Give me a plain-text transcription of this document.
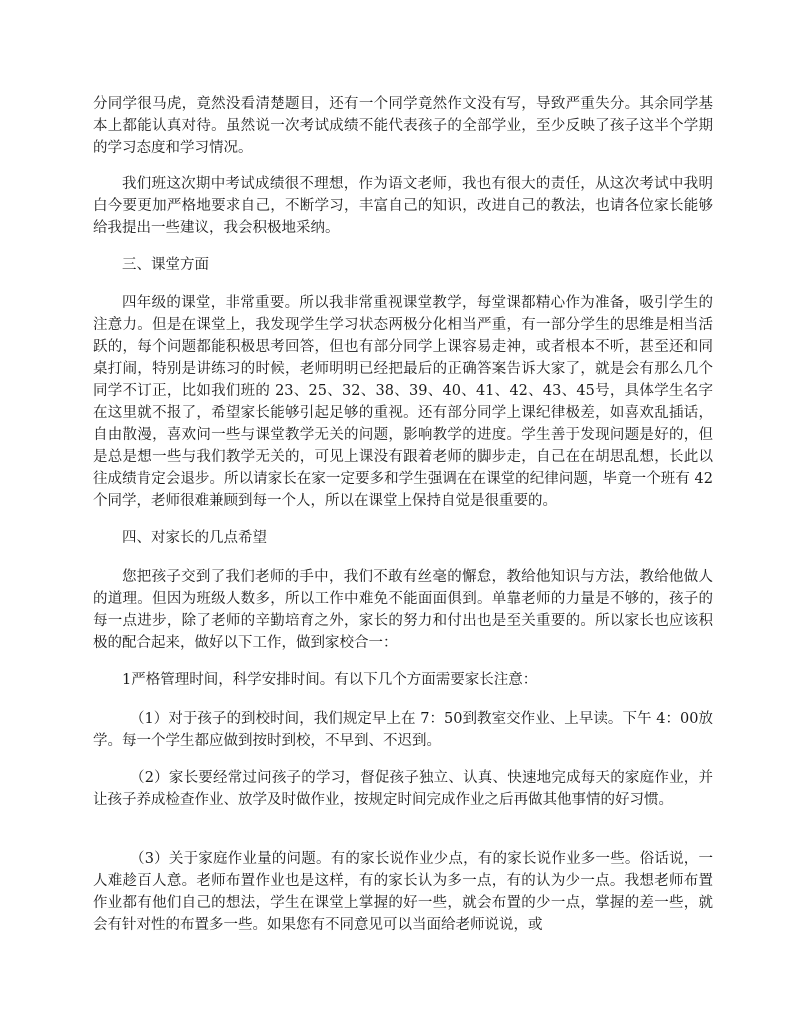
分同学很马虎，竟然没看清楚题目，还有一个同学竟然作文没有写，导致严重失分。其余同学基本上都能认真对待。虽然说一次考试成绩不能代表孩子的全部学业，至少反映了孩子这半个学期的学习态度和学习情况。

我们班这次期中考试成绩很不理想，作为语文老师，我也有很大的责任，从这次考试中我明白今要更加严格地要求自己，不断学习，丰富自己的知识，改进自己的教法，也请各位家长能够给我提出一些建议，我会积极地采纳。

三、课堂方面

四年级的课堂，非常重要。所以我非常重视课堂教学，每堂课都精心作为准备，吸引学生的注意力。但是在课堂上，我发现学生学习状态两极分化相当严重，有一部分学生的思维是相当活跃的，每个问题都能积极思考回答，但也有部分同学上课容易走神，或者根本不听，甚至还和同桌打闹，特别是讲练习的时候，老师明明已经把最后的正确答案告诉大家了，就是会有那么几个同学不订正，比如我们班的 23、25、32、38、39、40、41、42、43、45号，具体学生名字在这里就不报了，希望家长能够引起足够的重视。还有部分同学上课纪律极差，如喜欢乱插话，自由散漫，喜欢问一些与课堂教学无关的问题，影响教学的进度。学生善于发现问题是好的，但是总是想一些与我们教学无关的，可见上课没有跟着老师的脚步走，自己在在胡思乱想，长此以往成绩肯定会退步。所以请家长在家一定要多和学生强调在在课堂的纪律问题，毕竟一个班有 42个同学，老师很难兼顾到每一个人，所以在课堂上保持自觉是很重要的。

四、对家长的几点希望

您把孩子交到了我们老师的手中，我们不敢有丝毫的懈怠，教给他知识与方法，教给他做人的道理。但因为班级人数多，所以工作中难免不能面面俱到。单靠老师的力量是不够的，孩子的每一点进步，除了老师的辛勤培育之外，家长的努力和付出也是至关重要的。所以家长也应该积极的配合起来，做好以下工作，做到家校合一：

1严格管理时间，科学安排时间。有以下几个方面需要家长注意：

（1）对于孩子的到校时间，我们规定早上在 7：50到教室交作业、上早读。下午 4：00放学。每一个学生都应做到按时到校，不早到、不迟到。

（2）家长要经常过问孩子的学习，督促孩子独立、认真、快速地完成每天的家庭作业，并让孩子养成检查作业、放学及时做作业，按规定时间完成作业之后再做其他事情的好习惯。

（3）关于家庭作业量的问题。有的家长说作业少点，有的家长说作业多一些。俗话说，一人难趁百人意。老师布置作业也是这样，有的家长认为多一点，有的认为少一点。我想老师布置作业都有他们自己的想法，学生在课堂上掌握的好一些，就会布置的少一点，掌握的差一些，就会有针对性的布置多一些。如果您有不同意见可以当面给老师说说，或
